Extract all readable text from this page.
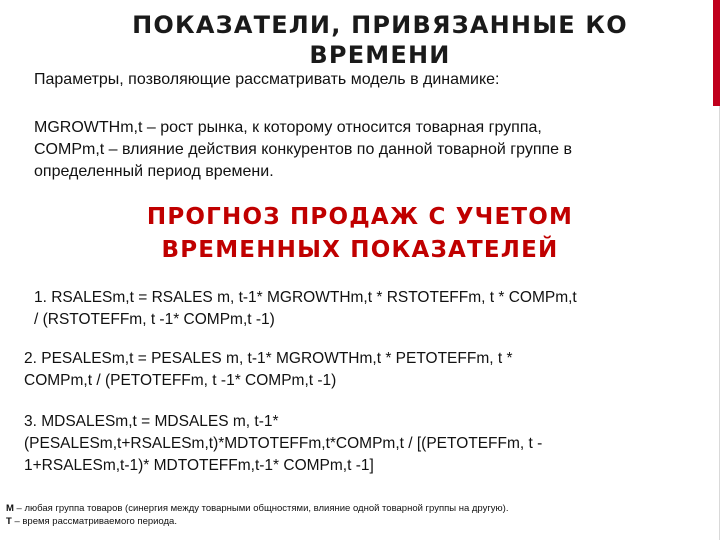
ПОКАЗАТЕЛИ, ПРИВЯЗАННЫЕ КО
ВРЕМЕНИ

Параметры, позволяющие рассматривать модель в динамике:

MGROWTHm,t – рост рынка, к которому относится товарная группа,
COMPm,t – влияние действия конкурентов по данной товарной группе в
определенный период времени.

ПРОГНОЗ ПРОДАЖ С УЧЕТОМ
ВРЕМЕННЫХ ПОКАЗАТЕЛЕЙ

1. RSALESm,t = RSALES m, t-1* MGROWTHm,t * RSTOTEFFm, t * COMPm,t
/ (RSTOTEFFm, t -1* COMPm,t -1)

2. PESALESm,t = PESALES m, t-1* MGROWTHm,t * PETOTEFFm, t *
COMPm,t / (PETOTEFFm, t -1* COMPm,t -1)

3. MDSALESm,t = MDSALES m, t-1*
(PESALESm,t+RSALESm,t)*MDTOTEFFm,t*COMPm,t / [(PETOTEFFm, t -
1+RSALESm,t-1)* MDTOTEFFm,t-1* COMPm,t -1]

М – любая группа товаров (синергия между товарными общностями, влияние одной товарной группы на другую).

Т – время рассматриваемого периода.
